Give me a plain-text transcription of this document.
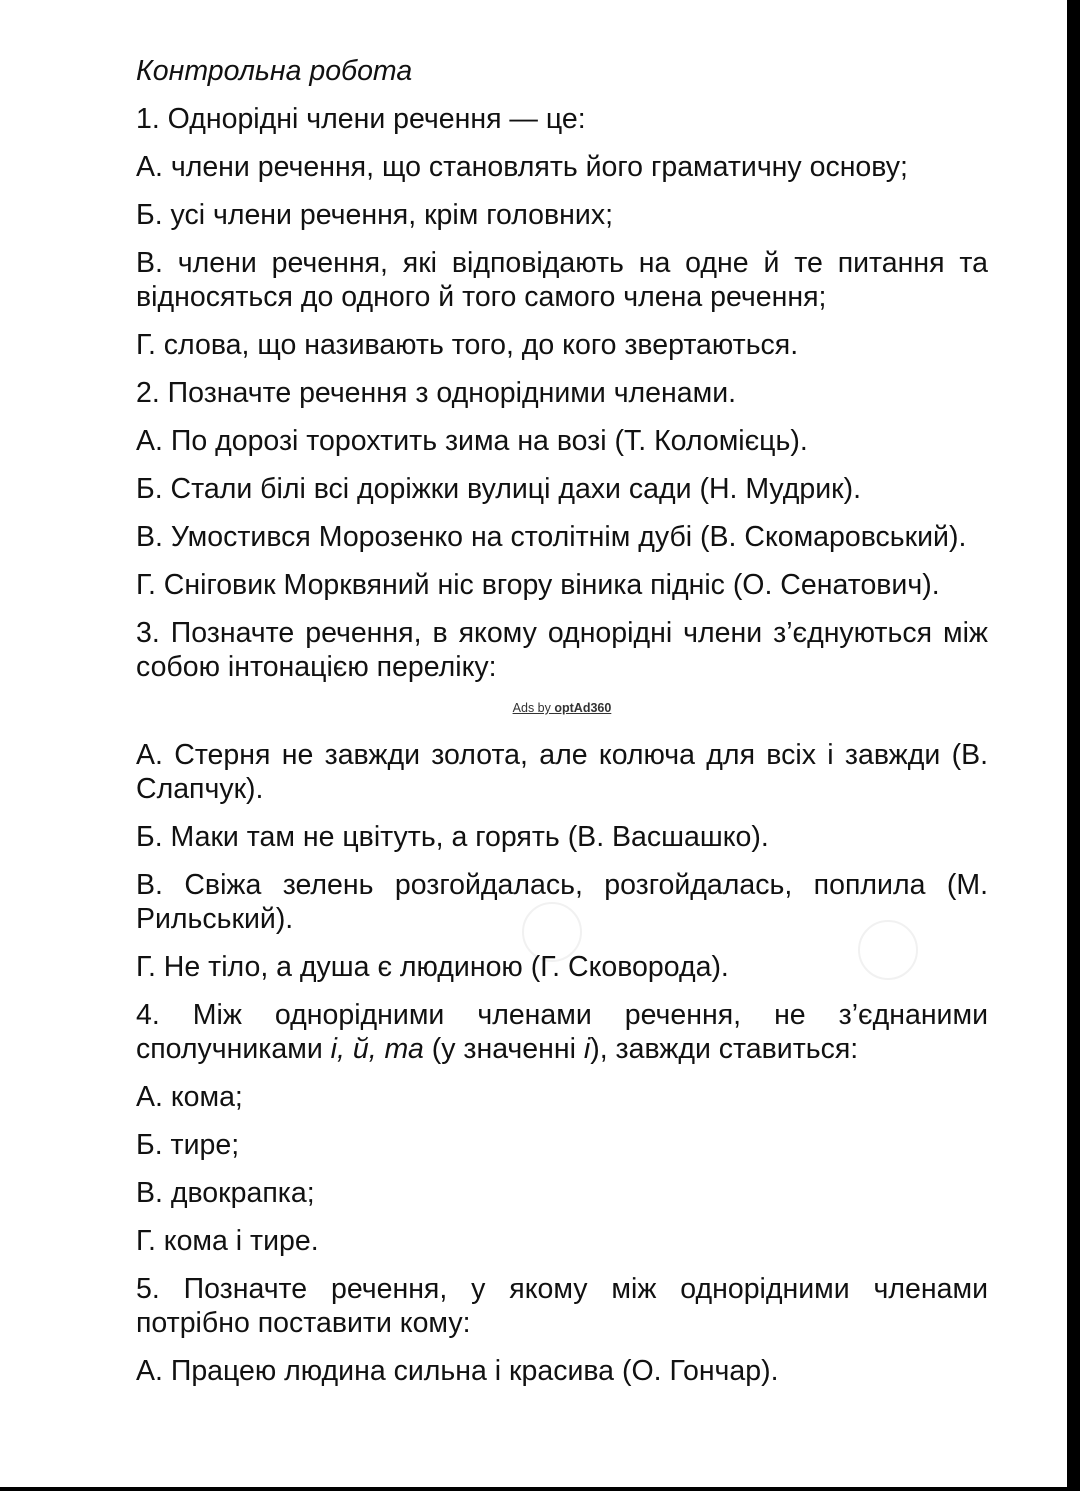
Контрольна робота

1. Однорідні члени речення — це:

А. члени речення, що становлять його граматичну основу;

Б. усі члени речення, крім головних;

В. члени речення, які відповідають на одне й те питання та відносяться до одного й того самого члена речення;

Г. слова, що називають того, до кого звертаються.

2. Позначте речення з однорідними членами.

А. По дорозі торохтить зима на возі (Т. Коломієць).

Б. Стали білі всі доріжки вулиці дахи сади (Н. Мудрик).

В. Умостився Морозенко на столітнім дубі (В. Скомаровський).

Г. Сніговик Морквяний ніс вгору віника підніс (О. Сенатович).

3. Позначте речення, в якому однорідні члени з’єднуються між собою інтонацією переліку:

Ads by optAd360

А. Стерня не завжди золота, але колюча для всіх і завжди (В. Слапчук).

Б. Маки там не цвітуть, а горять (В. Васшашко).

В. Свіжа зелень розгойдалась, розгойдалась, поплила (М. Рильський).

Г. Не тіло, а душа є людиною (Г. Сковорода).

4. Між однорідними членами речення, не з’єднаними сполучниками і, й, та (у значенні і), завжди ставиться:

А. кома;

Б. тире;

В. двокрапка;

Г. кома і тире.

5. Позначте речення, у якому між однорідними членами потрібно поставити кому:

А. Працею людина сильна і красива (О. Гончар).
